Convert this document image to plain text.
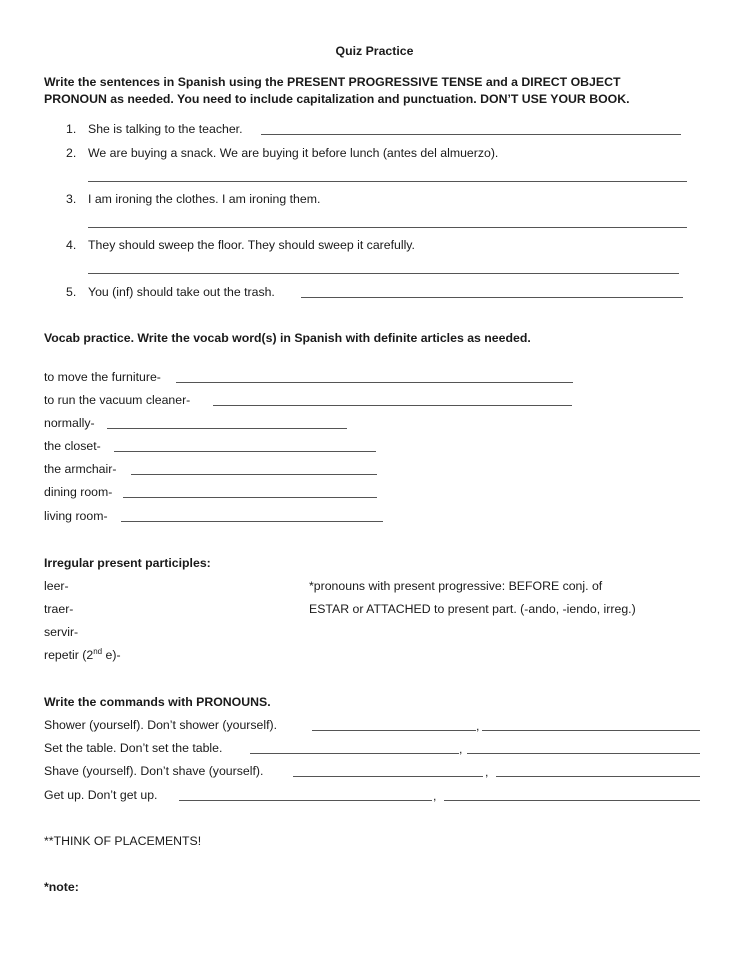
Quiz Practice
Write the sentences in Spanish using the PRESENT PROGRESSIVE TENSE and a DIRECT OBJECT
PRONOUN as needed. You need to include capitalization and punctuation. DON’T USE YOUR BOOK.
1. She is talking to the teacher.
2. We are buying a snack. We are buying it before lunch (antes del almuerzo).
3. I am ironing the clothes. I am ironing them.
4. They should sweep the floor. They should sweep it carefully.
5. You (inf) should take out the trash.
Vocab practice. Write the vocab word(s) in Spanish with definite articles as needed.
to move the furniture-
to run the vacuum cleaner-
normally-
the closet-
the armchair-
dining room-
living room-
Irregular present participles:
leer-
traer-
servir-
repetir (2nd e)-
*pronouns with present progressive: BEFORE conj. of
ESTAR or ATTACHED to present part. (-ando, -iendo, irreg.)
Write the commands with PRONOUNS.
Shower (yourself). Don’t shower (yourself).	,
Set the table. Don’t set the table.	,
Shave (yourself). Don’t shave (yourself).	,
Get up. Don’t get up.	,
**THINK OF PLACEMENTS!
*note:
